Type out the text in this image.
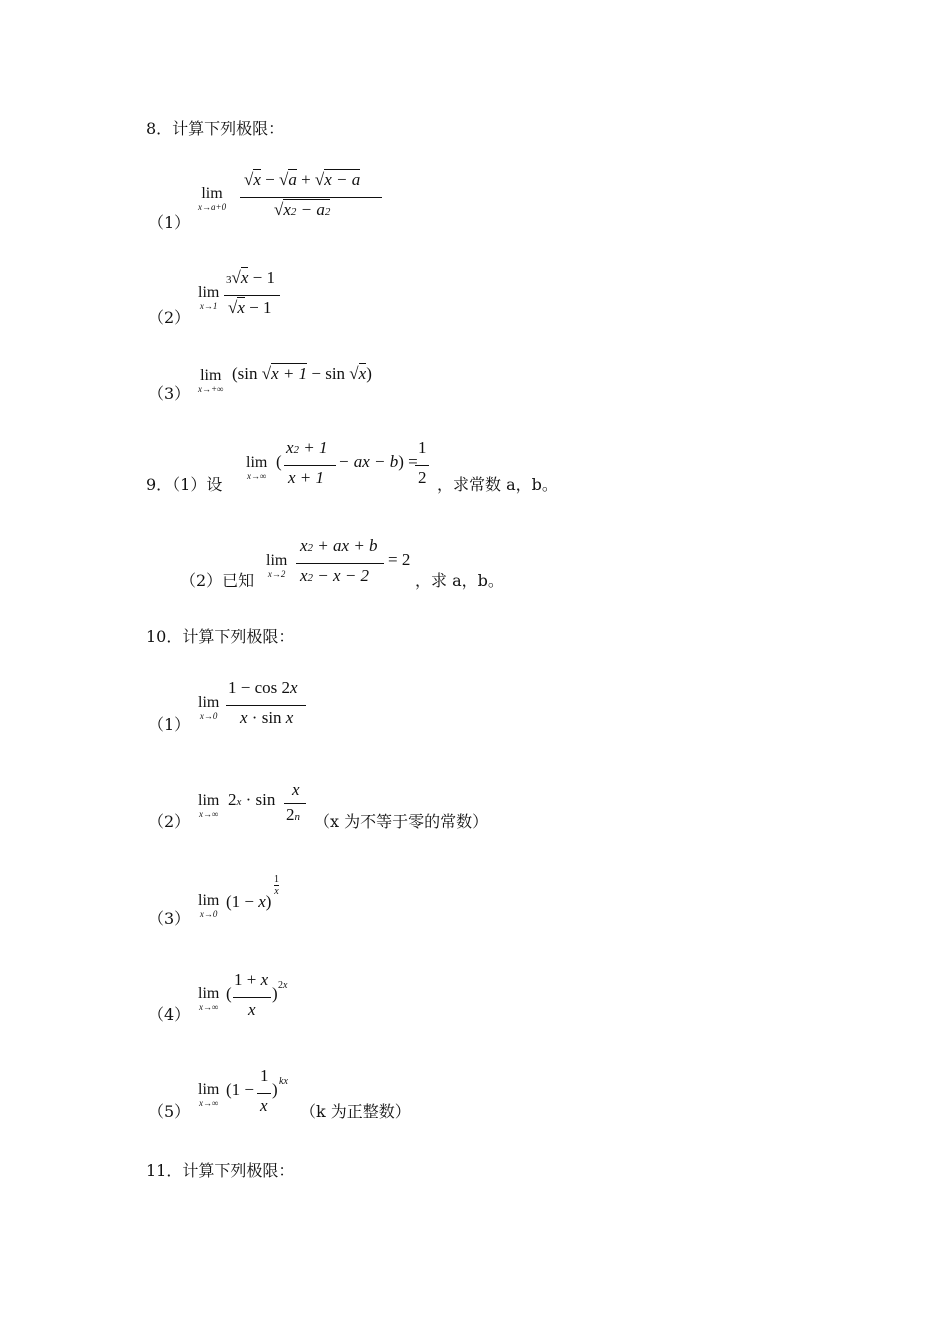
8．计算下列极限：
（1）
lim
x→a+0
√x − √a + √x − a
√x2 − a2
（2）
lim
x→1
3√x − 1
√x − 1
（3）
lim
x→+∞
(sin √x + 1 − sin √x)
9．（1）设
lim
x→∞
(
x2 + 1
x + 1
− ax − b) =
1
2 ，求常数 a，b。
（2）已知
lim
x→2
x2 + ax + b
x2 − x − 2
= 2
，求 a，b。
10．计算下列极限：
（1）
lim
x→0
1 − cos 2x
x · sin x
（2）
lim
x→∞
2x · sin
x
2n （x 为不等于零的常数）
（3）
lim
x→0
(1 − x)
1
x
（4）
lim
x→∞
(
1 + x
x
) 2x
（5）
lim
x→∞
(1 −
1
x
) kx
（k 为正整数）
11．计算下列极限：
